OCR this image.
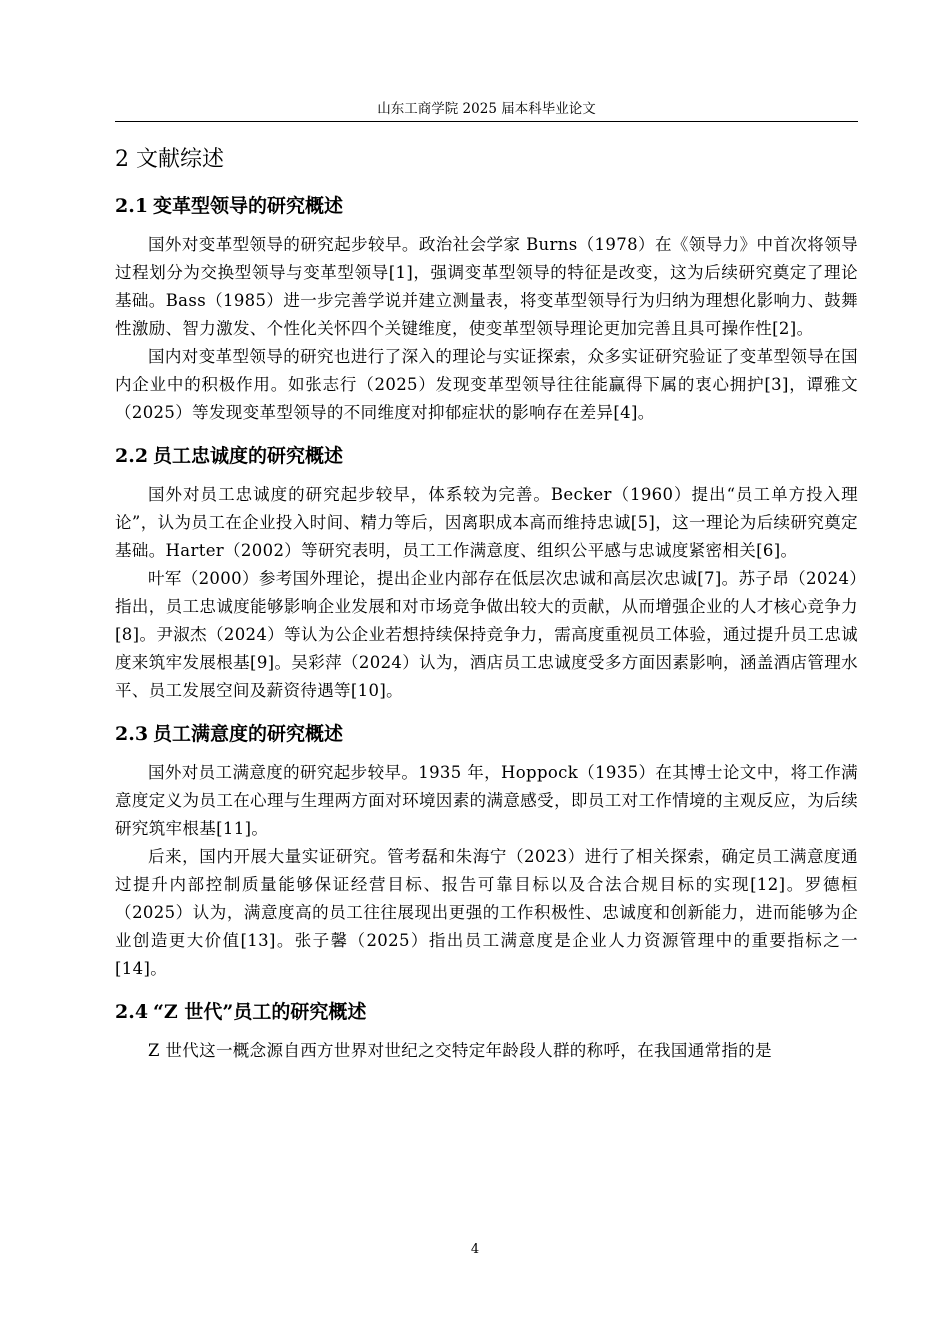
山东工商学院 2025 届本科毕业论文
2 文献综述
2.1 变革型领导的研究概述

国外对变革型领导的研究起步较早。政治社会学家 Burns（1978）在《领导力》中首次将领导过程划分为交换型领导与变革型领导[1]，强调变革型领导的特征是改变，这为后续研究奠定了理论基础。Bass（1985）进一步完善学说并建立测量表，将变革型领导行为归纳为理想化影响力、鼓舞性激励、智力激发、个性化关怀四个关键维度，使变革型领导理论更加完善且具可操作性[2]。

国内对变革型领导的研究也进行了深入的理论与实证探索，众多实证研究验证了变革型领导在国内企业中的积极作用。如张志行（2025）发现变革型领导往往能赢得下属的衷心拥护[3]，谭雅文（2025）等发现变革型领导的不同维度对抑郁症状的影响存在差异[4]。

2.2 员工忠诚度的研究概述

国外对员工忠诚度的研究起步较早，体系较为完善。Becker（1960）提出“员工单方投入理论”，认为员工在企业投入时间、精力等后，因离职成本高而维持忠诚[5]，这一理论为后续研究奠定基础。Harter（2002）等研究表明，员工工作满意度、组织公平感与忠诚度紧密相关[6]。

叶军（2000）参考国外理论，提出企业内部存在低层次忠诚和高层次忠诚[7]。苏子昂（2024）指出，员工忠诚度能够影响企业发展和对市场竞争做出较大的贡献，从而增强企业的人才核心竞争力[8]。尹淑杰（2024）等认为公企业若想持续保持竞争力，需高度重视员工体验，通过提升员工忠诚度来筑牢发展根基[9]。吴彩萍（2024）认为，酒店员工忠诚度受多方面因素影响，涵盖酒店管理水平、员工发展空间及薪资待遇等[10]。

2.3 员工满意度的研究概述

国外对员工满意度的研究起步较早。1935 年，Hoppock（1935）在其博士论文中，将工作满意度定义为员工在心理与生理两方面对环境因素的满意感受，即员工对工作情境的主观反应，为后续研究筑牢根基[11]。

后来，国内开展大量实证研究。管考磊和朱海宁（2023）进行了相关探索，确定员工满意度通过提升内部控制质量能够保证经营目标、报告可靠目标以及合法合规目标的实现[12]。罗德桓（2025）认为，满意度高的员工往往展现出更强的工作积极性、忠诚度和创新能力，进而能够为企业创造更大价值[13]。张子馨（2025）指出员工满意度是企业人力资源管理中的重要指标之一[14]。

2.4 “Z 世代”员工的研究概述

Z 世代这一概念源自西方世界对世纪之交特定年龄段人群的称呼，在我国通常指的是

4
